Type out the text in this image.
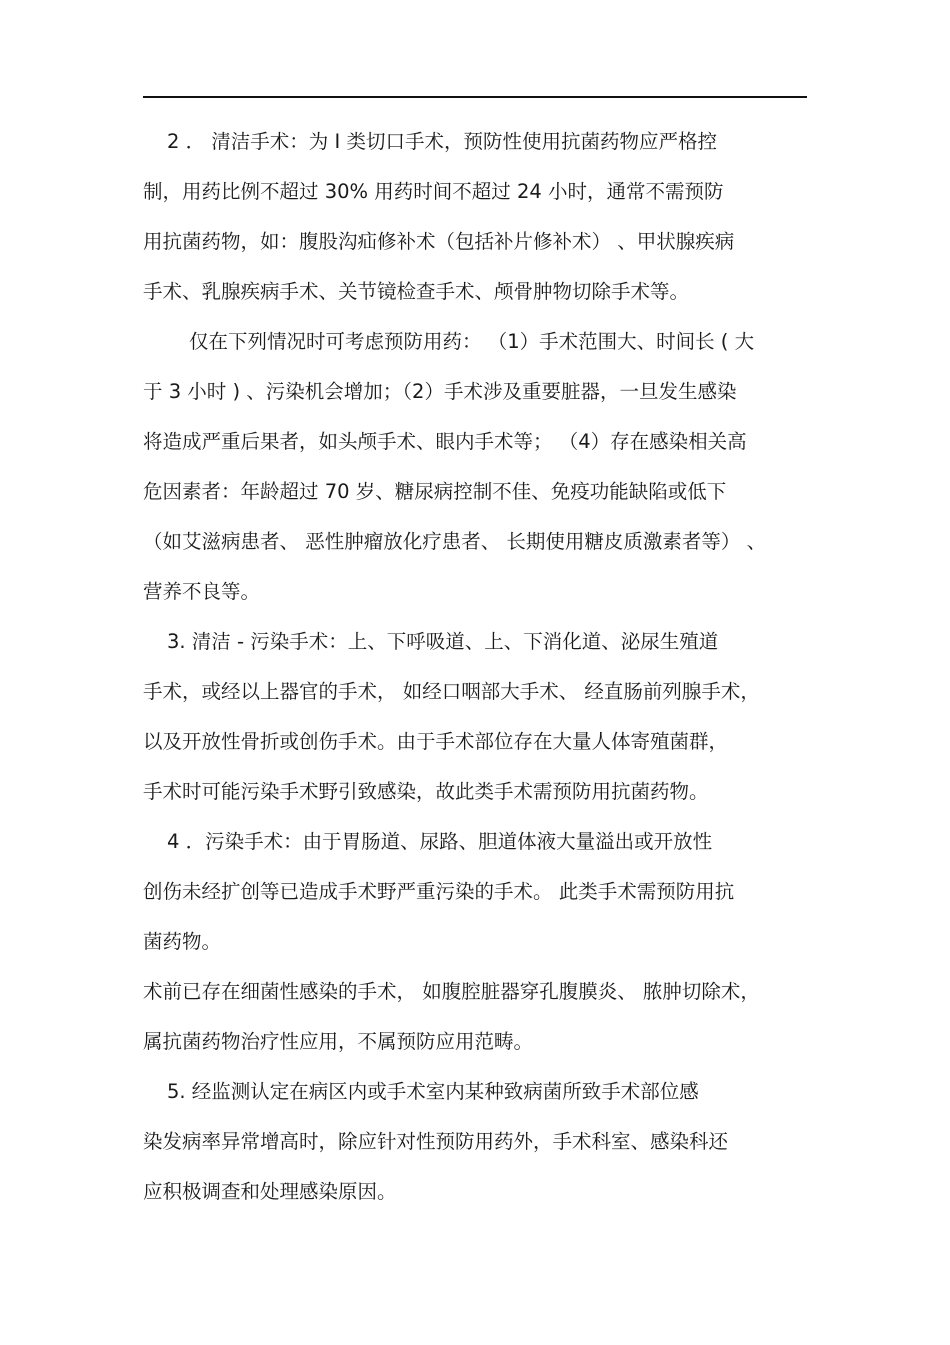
2 ． 清洁手术：为 I 类切口手术，预防性使用抗菌药物应严格控
制，用药比例不超过 30% 用药时间不超过 24 小时，通常不需预防
用抗菌药物，如：腹股沟疝修补术（包括补片修补术） 、甲状腺疾病
手术、乳腺疾病手术、关节镜检查手术、颅骨肿物切除手术等。
仅在下列情况时可考虑预防用药： （1）手术范围大、时间长 ( 大
于 3 小时 ) 、污染机会增加；（2）手术涉及重要脏器，一旦发生感染
将造成严重后果者，如头颅手术、眼内手术等； （4）存在感染相关高
危因素者：年龄超过 70 岁、糖尿病控制不佳、免疫功能缺陷或低下
（如艾滋病患者、 恶性肿瘤放化疗患者、 长期使用糖皮质激素者等） 、
营养不良等。
3. 清洁 - 污染手术：上、下呼吸道、上、下消化道、泌尿生殖道
手术，或经以上器官的手术， 如经口咽部大手术、 经直肠前列腺手术，
以及开放性骨折或创伤手术。由于手术部位存在大量人体寄殖菌群，
手术时可能污染手术野引致感染，故此类手术需预防用抗菌药物。
4 ．污染手术：由于胃肠道、尿路、胆道体液大量溢出或开放性
创伤未经扩创等已造成手术野严重污染的手术。 此类手术需预防用抗
菌药物。
术前已存在细菌性感染的手术， 如腹腔脏器穿孔腹膜炎、 脓肿切除术，
属抗菌药物治疗性应用，不属预防应用范畴。
5. 经监测认定在病区内或手术室内某种致病菌所致手术部位感
染发病率异常增高时，除应针对性预防用药外，手术科室、感染科还
应积极调查和处理感染原因。
